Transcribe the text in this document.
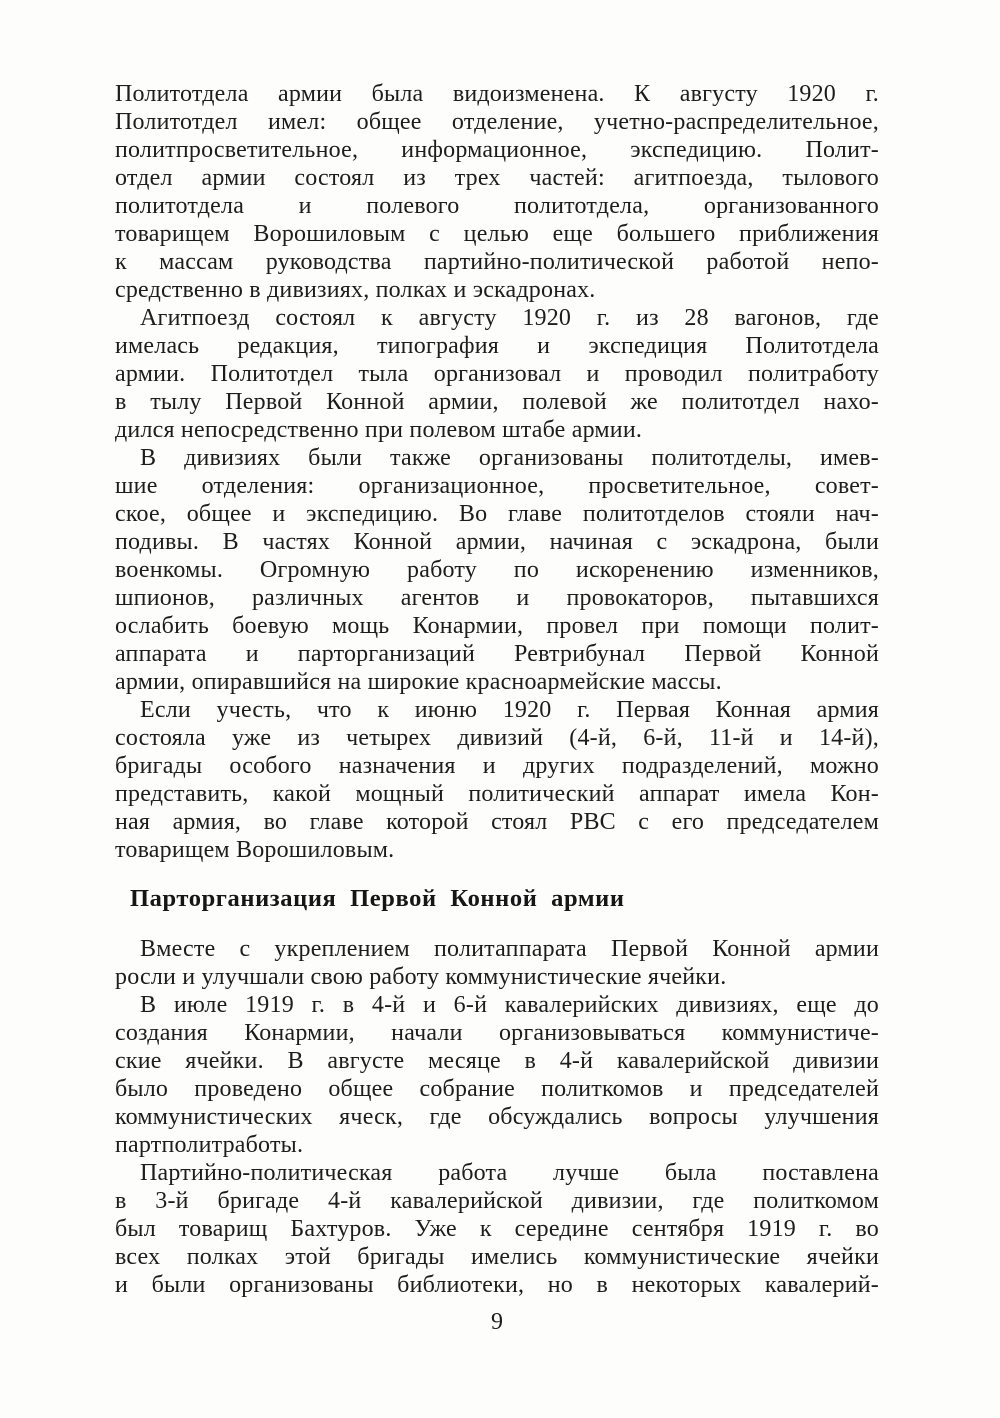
Политотдела армии была видоизменена. К августу 1920 г.
Политотдел имел: общее отделение, учетно-распределительное,
политпросветительное, информационное, экспедицию. Полит-
отдел армии состоял из трех частей: агитпоезда, тылового
политотдела и полевого политотдела, организованного
товарищем Ворошиловым с целью еще большего приближения
к массам руководства партийно-политической работой непо-
средственно в дивизиях, полках и эскадронах.
Агитпоезд состоял к августу 1920 г. из 28 вагонов, где
имелась редакция, типография и экспедиция Политотдела
армии. Политотдел тыла организовал и проводил политработу
в тылу Первой Конной армии, полевой же политотдел нахо-
дился непосредственно при полевом штабе армии.
В дивизиях были также организованы политотделы, имев-
шие отделения: организационное, просветительное, совет-
ское, общее и экспедицию. Во главе политотделов стояли нач-
подивы. В частях Конной армии, начиная с эскадрона, были
военкомы. Огромную работу по искоренению изменников,
шпионов, различных агентов и провокаторов, пытавшихся
ослабить боевую мощь Конармии, провел при помощи полит-
аппарата и парторганизаций Ревтрибунал Первой Конной
армии, опиравшийся на широкие красноармейские массы.
Если учесть, что к июню 1920 г. Первая Конная армия
состояла уже из четырех дивизий (4-й, 6-й, 11-й и 14-й),
бригады особого назначения и других подразделений, можно
представить, какой мощный политический аппарат имела Кон-
ная армия, во главе которой стоял РВС с его председателем
товарищем Ворошиловым.
Парторганизация Первой Конной армии
Вместе с укреплением политаппарата Первой Конной армии
росли и улучшали свою работу коммунистические ячейки.
В июле 1919 г. в 4-й и 6-й кавалерийских дивизиях, еще до
создания Конармии, начали организовываться коммунистиче-
ские ячейки. В августе месяце в 4-й кавалерийской дивизии
было проведено общее собрание политкомов и председателей
коммунистических яческ, где обсуждались вопросы улучшения
партполитработы.
Партийно-политическая работа лучше была поставлена
в 3-й бригаде 4-й кавалерийской дивизии, где политкомом
был товарищ Бахтуров. Уже к середине сентября 1919 г. во
всех полках этой бригады имелись коммунистические ячейки
и были организованы библиотеки, но в некоторых кавалерий-
9
